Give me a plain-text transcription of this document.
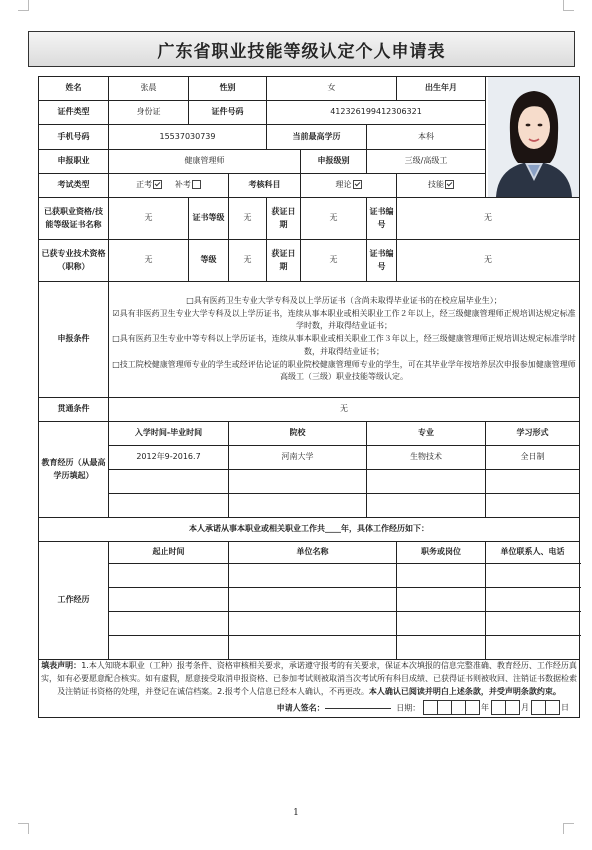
广东省职业技能等级认定个人申请表
姓名	张晨	性别		女			出生年月	

证件类型	身份证	证件号码		412326199412306321				
手机号码	15537030739			当前最高学历		本科		
申报职业	健康管理师				申报级别	三级/高级工		
考试类型	正考 补考		考核科目		理论		技能	
已获职业资格/技能等级证书名称	无	证书等级	无	获证日期	无	证书编号	无	
已获专业技术资格（职称）	无	等级	无	获证日期	无	证书编号	无	
申报条件	□具有医药卫生专业大学专科及以上学历证书（含尚未取得毕业证书的在校应届毕业生）；
☑具有非医药卫生专业大学专科及以上学历证书，连续从事本职业或相关职业工作２年以上，经三级健康管理师正规培训达规定标准学时数，并取得结业证书；
□具有医药卫生专业中等专科以上学历证书，连续从事本职业或相关职业工作３年以上，经三级健康管理师正规培训达规定标准学时数，并取得结业证书；
□技工院校健康管理师专业的学生或经评估论证的职业院校健康管理师专业的学生，可在其毕业学年按培养层次申报参加健康管理师高级工（三级）职业技能等级认定。							

贯通条件	无							
教育经历（从最高学历填起）	入学时间-毕业时间		院校			专业		学习形式
	2012年9-2016.7		河南大学			生物技术		全日制

本人承诺从事本职业或相关职业工作共____年，具体工作经历如下：								
工作经历	起止时间		单位名称				职务或岗位	单位联系人、电话

填表声明：1.本人知晓本职业（工种）报考条件、资格审核相关要求，承诺遵守报考的有关要求，保证本次填报的信息完整准确、教育经历、工作经历真实，如有必要愿意配合核实。如有虚假，愿意接受取消申报资格、已参加考试则被取消当次考试所有科目成绩、已获得证书则被收回、注销证书数据检索及注销证书资格的处理，并登记在诚信档案。2.报考个人信息已经本人确认，不再更改。本人确认已阅读并明白上述条款，并受声明条款约束。
申请人签名： 日期： 年 月 日								
1
